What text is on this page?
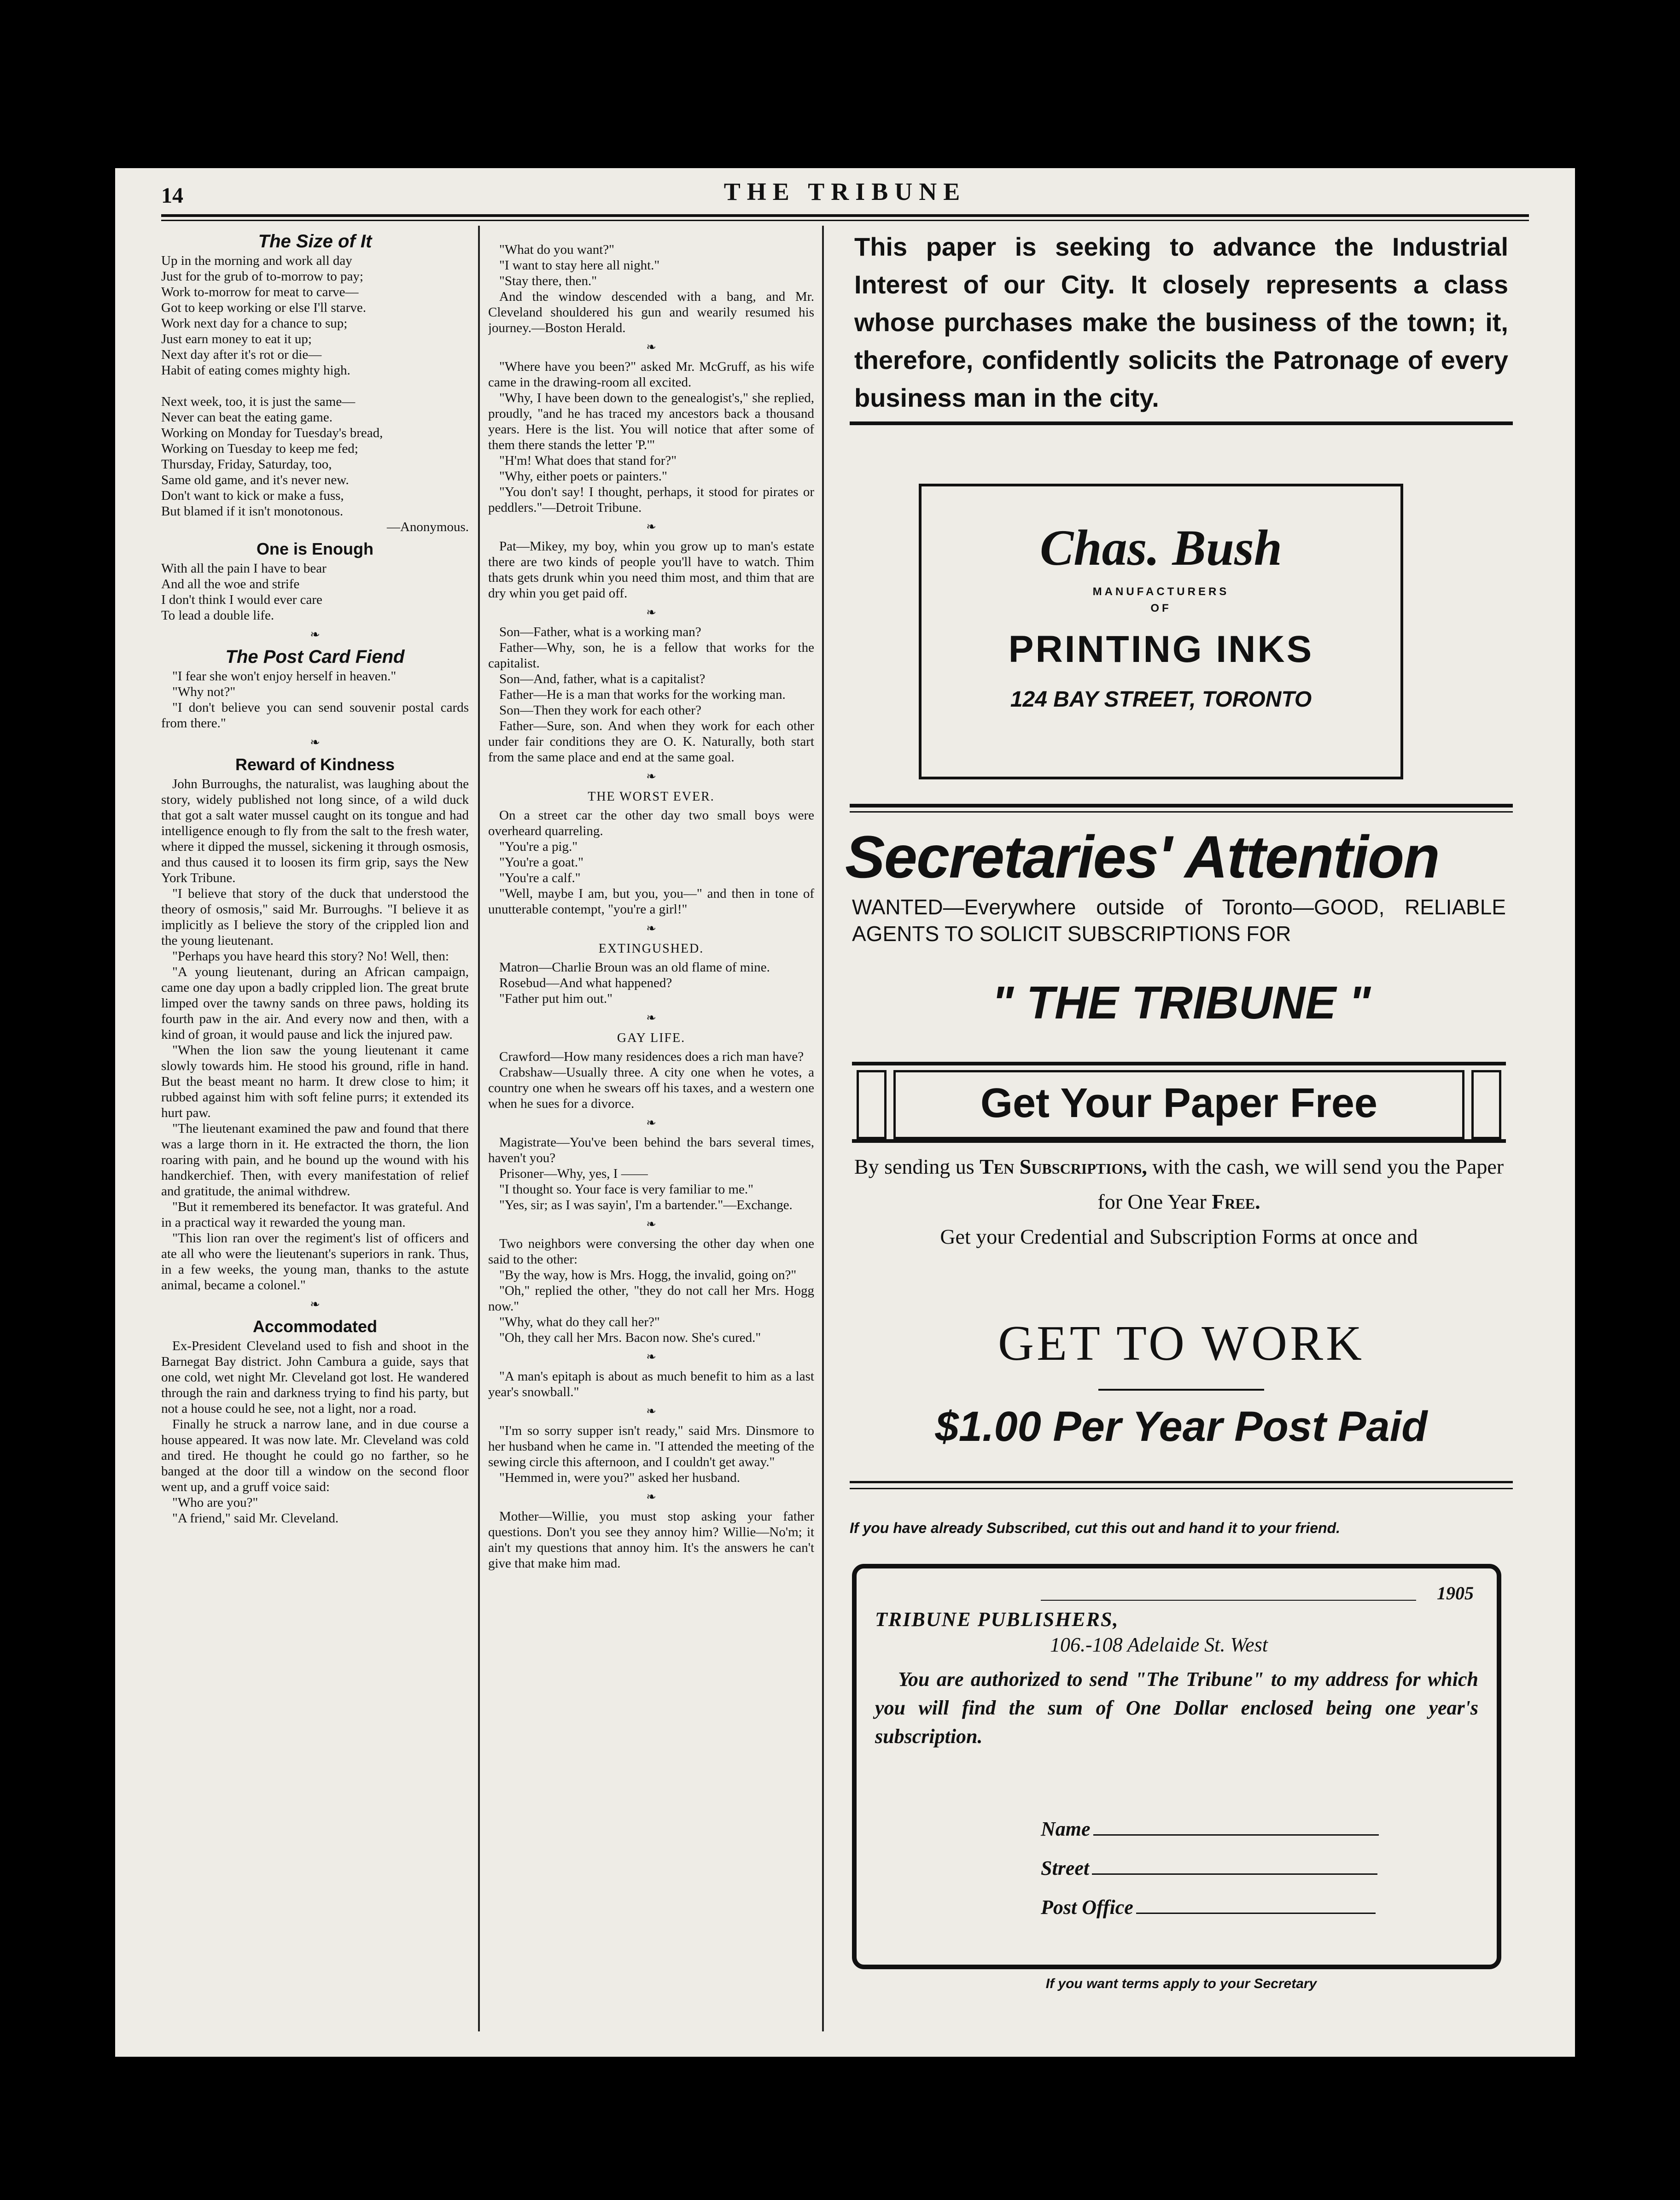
14	THE TRIBUNE
The Size of It

Up in the morning and work all day

Just for the grub of to-morrow to pay;

Work to-morrow for meat to carve—

Got to keep working or else I'll starve.

Work next day for a chance to sup;

Just earn money to eat it up;

Next day after it's rot or die—

Habit of eating comes mighty high.

Next week, too, it is just the same—

Never can beat the eating game.

Working on Monday for Tuesday's bread,

Working on Tuesday to keep me fed;

Thursday, Friday, Saturday, too,

Same old game, and it's never new.

Don't want to kick or make a fuss,

But blamed if it isn't monotonous.

—Anonymous.

One is Enough

With all the pain I have to bear

And all the woe and strife

I don't think I would ever care

To lead a double life.

❧
The Post Card Fiend

"I fear she won't enjoy herself in heaven."

"Why not?"

"I don't believe you can send souvenir postal cards from there."

❧
Reward of Kindness

John Burroughs, the naturalist, was laughing about the story, widely published not long since, of a wild duck that got a salt water mussel caught on its tongue and had intelligence enough to fly from the salt to the fresh water, where it dipped the mussel, sickening it through osmosis, and thus caused it to loosen its firm grip, says the New York Tribune.

"I believe that story of the duck that understood the theory of osmosis," said Mr. Burroughs. "I believe it as implicitly as I believe the story of the crippled lion and the young lieutenant.

"Perhaps you have heard this story? No! Well, then:

"A young lieutenant, during an African campaign, came one day upon a badly crippled lion. The great brute limped over the tawny sands on three paws, holding its fourth paw in the air. And every now and then, with a kind of groan, it would pause and lick the injured paw.

"When the lion saw the young lieutenant it came slowly towards him. He stood his ground, rifle in hand. But the beast meant no harm. It drew close to him; it rubbed against him with soft feline purrs; it extended its hurt paw.

"The lieutenant examined the paw and found that there was a large thorn in it. He extracted the thorn, the lion roaring with pain, and he bound up the wound with his handkerchief. Then, with every manifestation of relief and gratitude, the animal withdrew.

"But it remembered its benefactor. It was grateful. And in a practical way it rewarded the young man.

"This lion ran over the regiment's list of officers and ate all who were the lieutenant's superiors in rank. Thus, in a few weeks, the young man, thanks to the astute animal, became a colonel."

❧
Accommodated

Ex-President Cleveland used to fish and shoot in the Barnegat Bay district. John Cambura a guide, says that one cold, wet night Mr. Cleveland got lost. He wandered through the rain and darkness trying to find his party, but not a house could he see, not a light, nor a road.

Finally he struck a narrow lane, and in due course a house appeared. It was now late. Mr. Cleveland was cold and tired. He thought he could go no farther, so he banged at the door till a window on the second floor went up, and a gruff voice said:

"Who are you?"

"A friend," said Mr. Cleveland.

"What do you want?"

"I want to stay here all night."

"Stay there, then."

And the window descended with a bang, and Mr. Cleveland shouldered his gun and wearily resumed his journey.—Boston Herald.

❧

"Where have you been?" asked Mr. McGruff, as his wife came in the drawing-room all excited.

"Why, I have been down to the genealogist's," she replied, proudly, "and he has traced my ancestors back a thousand years. Here is the list. You will notice that after some of them there stands the letter 'P.'"

"H'm! What does that stand for?"

"Why, either poets or painters."

"You don't say! I thought, perhaps, it stood for pirates or peddlers."—Detroit Tribune.

❧

Pat—Mikey, my boy, whin you grow up to man's estate there are two kinds of people you'll have to watch. Thim thats gets drunk whin you need thim most, and thim that are dry whin you get paid off.

❧

Son—Father, what is a working man?

Father—Why, son, he is a fellow that works for the capitalist.

Son—And, father, what is a capitalist?

Father—He is a man that works for the working man.

Son—Then they work for each other?

Father—Sure, son. And when they work for each other under fair conditions they are O. K. Naturally, both start from the same place and end at the same goal.

❧
THE WORST EVER.

On a street car the other day two small boys were overheard quarreling.

"You're a pig."

"You're a goat."

"You're a calf."

"Well, maybe I am, but you, you—" and then in tone of unutterable contempt, "you're a girl!"

❧
EXTINGUSHED.

Matron—Charlie Broun was an old flame of mine.

Rosebud—And what happened?

"Father put him out."

❧
GAY LIFE.

Crawford—How many residences does a rich man have?

Crabshaw—Usually three. A city one when he votes, a country one when he swears off his taxes, and a western one when he sues for a divorce.

❧

Magistrate—You've been behind the bars several times, haven't you?

Prisoner—Why, yes, I ——

"I thought so. Your face is very familiar to me."

"Yes, sir; as I was sayin', I'm a bartender."—Exchange.

❧

Two neighbors were conversing the other day when one said to the other:

"By the way, how is Mrs. Hogg, the invalid, going on?"

"Oh," replied the other, "they do not call her Mrs. Hogg now."

"Why, what do they call her?"

"Oh, they call her Mrs. Bacon now. She's cured."

❧

"A man's epitaph is about as much benefit to him as a last year's snowball."

❧

"I'm so sorry supper isn't ready," said Mrs. Dinsmore to her husband when he came in. "I attended the meeting of the sewing circle this afternoon, and I couldn't get away."

"Hemmed in, were you?" asked her husband.

❧

Mother—Willie, you must stop asking your father questions. Don't you see they annoy him? Willie—No'm; it ain't my questions that annoy him. It's the answers he can't give that make him mad.

This paper is seeking to advance the Industrial Interest of our City. It closely represents a class whose purchases make the business of the town; it, therefore, confidently solicits the Patronage of every business man in the city.
Chas. Bush
MANUFACTURERS
OF
PRINTING INKS
124 BAY STREET, TORONTO
Secretaries' Attention
WANTED—Everywhere outside of Toronto—GOOD, RELIABLE AGENTS TO SOLICIT SUBSCRIPTIONS FOR
" THE TRIBUNE "
Get Your Paper Free
By sending us Ten Subscriptions, with the cash, we will send you the Paper for One Year Free.
Get your Credential and Subscription Forms at once and
GET TO WORK
$1.00 Per Year Post Paid
If you have already Subscribed, cut this out and hand it to your friend.
1905
TRIBUNE PUBLISHERS,
106.-108 Adelaide St. West
You are authorized to send "The Tribune" to my address for which you will find the sum of One Dollar enclosed being one year's subscription.
Name
Street
Post Office
If you want terms apply to your Secretary
